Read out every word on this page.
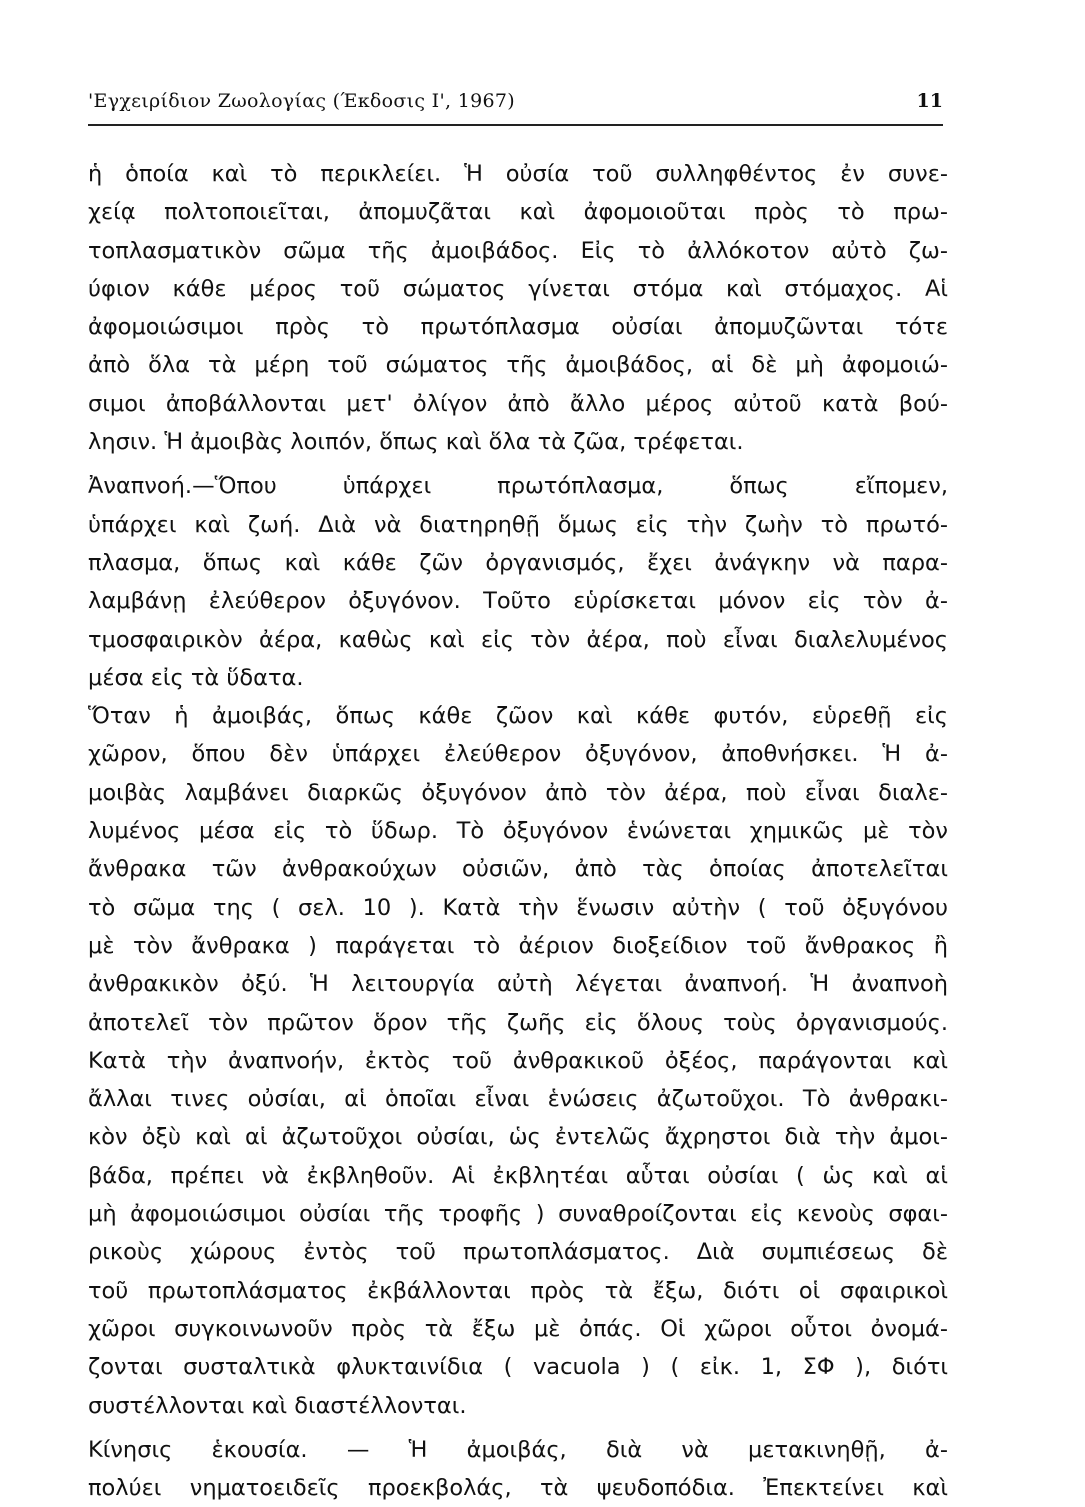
'Εγχειρίδιον Ζωολογίας (Έκδοσις Ι', 1967)	11
ἡ ὁποία καὶ τὸ περικλείει. Ἡ οὐσία τοῦ συλληφθέντος ἐν συνε-
χείᾳ πολτοποιεῖται, ἀπομυζᾶται καὶ ἀφομοιοῦται πρὸς τὸ πρω-
τοπλασματικὸν σῶμα τῆς ἀμοιβάδος. Εἰς τὸ ἀλλόκοτον αὐτὸ ζω-
ύφιον κάθε μέρος τοῦ σώματος γίνεται στόμα καὶ στόμαχος. Αἱ
ἀφομοιώσιμοι πρὸς τὸ πρωτόπλασμα οὐσίαι ἀπομυζῶνται τότε
ἀπὸ ὅλα τὰ μέρη τοῦ σώματος τῆς ἀμοιβάδος, αἱ δὲ μὴ ἀφομοιώ-
σιμοι ἀποβάλλονται μετ' ὀλίγον ἀπὸ ἄλλο μέρος αὐτοῦ κατὰ βού-
λησιν. Ἡ ἀμοιβὰς λοιπόν, ὅπως καὶ ὅλα τὰ ζῶα, τρέφεται.
Ἀναπνοή.—Ὅπου ὑπάρχει πρωτόπλασμα, ὅπως εἴπομεν,
ὑπάρχει καὶ ζωή. Διὰ νὰ διατηρηθῇ ὅμως εἰς τὴν ζωὴν τὸ πρωτό-
πλασμα, ὅπως καὶ κάθε ζῶν ὀργανισμός, ἔχει ἀνάγκην νὰ παρα-
λαμβάνῃ ἐλεύθερον ὀξυγόνον. Τοῦτο εὑρίσκεται μόνον εἰς τὸν ἀ-
τμοσφαιρικὸν ἀέρα, καθὼς καὶ εἰς τὸν ἀέρα, ποὺ εἶναι διαλελυμένος
μέσα εἰς τὰ ὕδατα.
Ὅταν ἡ ἀμοιβάς, ὅπως κάθε ζῶον καὶ κάθε φυτόν, εὑρεθῇ εἰς
χῶρον, ὅπου δὲν ὑπάρχει ἐλεύθερον ὀξυγόνον, ἀποθνήσκει. Ἡ ἀ-
μοιβὰς λαμβάνει διαρκῶς ὀξυγόνον ἀπὸ τὸν ἀέρα, ποὺ εἶναι διαλε-
λυμένος μέσα εἰς τὸ ὕδωρ. Τὸ ὀξυγόνον ἑνώνεται χημικῶς μὲ τὸν
ἄνθρακα τῶν ἀνθρακούχων οὐσιῶν, ἀπὸ τὰς ὁποίας ἀποτελεῖται
τὸ σῶμα της ( σελ. 10 ). Κατὰ τὴν ἕνωσιν αὐτὴν ( τοῦ ὀξυγόνου
μὲ τὸν ἄνθρακα ) παράγεται τὸ ἀέριον διοξείδιον τοῦ ἄνθρακος ἢ
ἀνθρακικὸν ὀξύ. Ἡ λειτουργία αὐτὴ λέγεται ἀναπνοή. Ἡ ἀναπνοὴ
ἀποτελεῖ τὸν πρῶτον ὅρον τῆς ζωῆς εἰς ὅλους τοὺς ὀργανισμούς.
Κατὰ τὴν ἀναπνοήν, ἐκτὸς τοῦ ἀνθρακικοῦ ὀξέος, παράγονται καὶ
ἄλλαι τινες οὐσίαι, αἱ ὁποῖαι εἶναι ἑνώσεις ἀζωτοῦχοι. Τὸ ἀνθρακι-
κὸν ὀξὺ καὶ αἱ ἀζωτοῦχοι οὐσίαι, ὡς ἐντελῶς ἄχρηστοι διὰ τὴν ἀμοι-
βάδα, πρέπει νὰ ἐκβληθοῦν. Αἱ ἐκβλητέαι αὗται οὐσίαι ( ὡς καὶ αἱ
μὴ ἀφομοιώσιμοι οὐσίαι τῆς τροφῆς ) συναθροίζονται εἰς κενοὺς σφαι-
ρικοὺς χώρους ἐντὸς τοῦ πρωτοπλάσματος. Διὰ συμπιέσεως δὲ
τοῦ πρωτοπλάσματος ἐκβάλλονται πρὸς τὰ ἔξω, διότι οἱ σφαιρικοὶ
χῶροι συγκοινωνοῦν πρὸς τὰ ἔξω μὲ ὀπάς. Οἱ χῶροι οὗτοι ὀνομά-
ζονται συσταλτικὰ φλυκταινίδια ( vacuola ) ( εἰκ. 1, ΣΦ ), διότι
συστέλλονται καὶ διαστέλλονται.
Κίνησις ἑκουσία. — Ἡ ἀμοιβάς, διὰ νὰ μετακινηθῇ, ἀ-
πολύει νηματοειδεῖς προεκβολάς, τὰ ψευδοπόδια. Ἐπεκτείνει καὶ
